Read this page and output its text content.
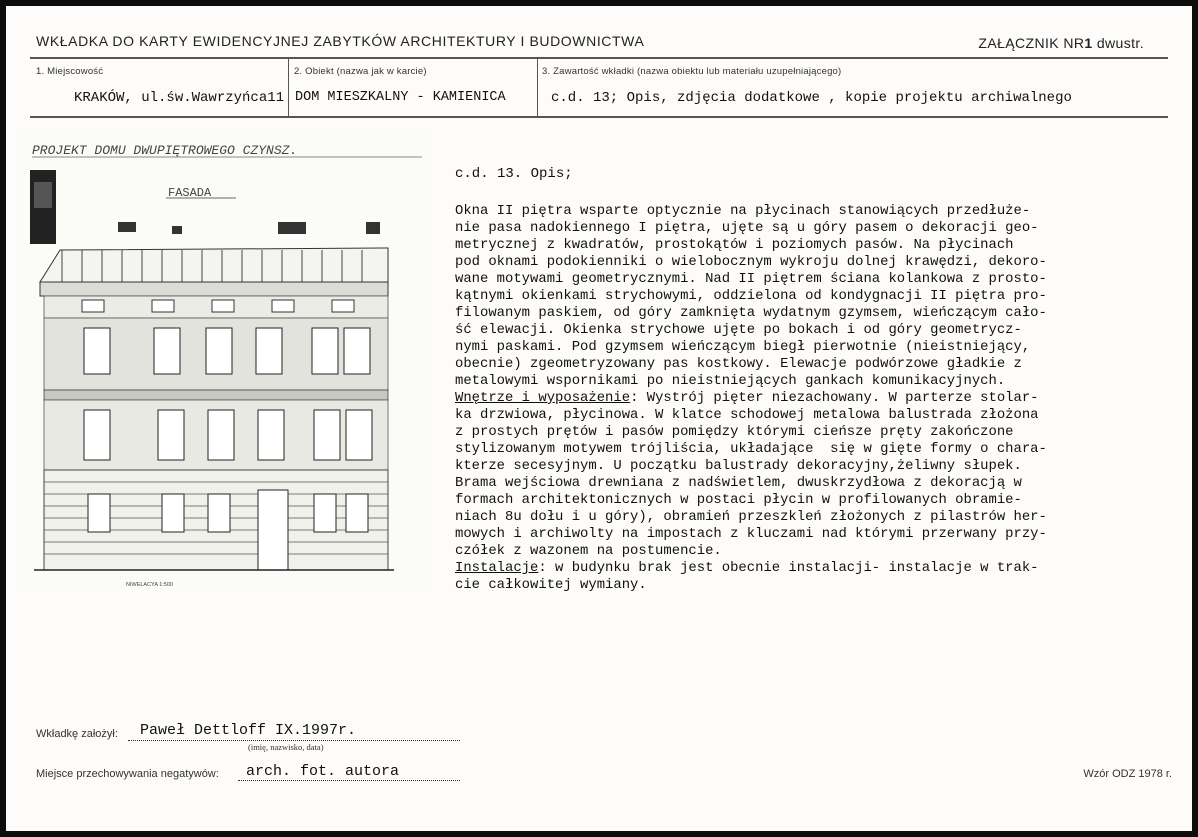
WKŁADKA DO KARTY EWIDENCYJNEJ ZABYTKÓW ARCHITEKTURY I BUDOWNICTWA	ZAŁĄCZNIK NR1 dwustr.
1. Miejscowość
KRAKÓW, ul.św.Wawrzyńca11
2. Obiekt (nazwa jak w karcie)
DOM MIESZKALNY - KAMIENICA
3. Zawartość wkładki (nazwa obiektu lub materiału uzupełniającego)
c.d. 13; Opis, zdjęcia dodatkowe , kopie projektu archiwalnego
PROJEKT DOMU DWUPIĘTROWEGO CZYNSZ.
FASADA
NIWELACYA 1:500
c.d. 13. Opis;
Okna II piętra wsparte optycznie na płycinach stanowiących przedłuże-
nie pasa nadokiennego I piętra, ujęte są u góry pasem o dekoracji geo-
metrycznej z kwadratów, prostokątów i poziomych pasów. Na płycinach
pod oknami podokienniki o wielobocznym wykroju dolnej krawędzi, dekoro-
wane motywami geometrycznymi. Nad II piętrem ściana kolankowa z prosto-
kątnymi okienkami strychowymi, oddzielona od kondygnacji II piętra pro-
filowanym paskiem, od góry zamknięta wydatnym gzymsem, wieńczącym cało-
ść elewacji. Okienka strychowe ujęte po bokach i od góry geometrycz-
nymi paskami. Pod gzymsem wieńczącym biegł pierwotnie (nieistniejący,
obecnie) zgeometryzowany pas kostkowy. Elewacje podwórzowe gładkie z
metalowymi wspornikami po nieistniejących gankach komunikacyjnych.
Wnętrze i wyposażenie: Wystrój pięter niezachowany. W parterze stolar-
ka drzwiowa, płycinowa. W klatce schodowej metalowa balustrada złożona
z prostych prętów i pasów pomiędzy którymi cieńsze pręty zakończone
stylizowanym motywem trójliścia, układające  się w gięte formy o chara-
kterze secesyjnym. U początku balustrady dekoracyjny,żeliwny słupek.
Brama wejściowa drewniana z nadświetlem, dwuskrzydłowa z dekoracją w
formach architektonicznych w postaci płycin w profilowanych obramie-
niach 8u dołu i u góry), obramień przeszkleń złożonych z pilastrów her-
mowych i archiwolty na impostach z kluczami nad którymi przerwany przy-
czółek z wazonem na postumencie.
Instalacje: w budynku brak jest obecnie instalacji- instalacje w trak-
cie całkowitej wymiany.
Wkładkę założył: Paweł Dettloff IX.1997r.
(imię, nazwisko, data)
Miejsce przechowywania negatywów: arch. fot. autora	Wzór ODZ 1978 r.
